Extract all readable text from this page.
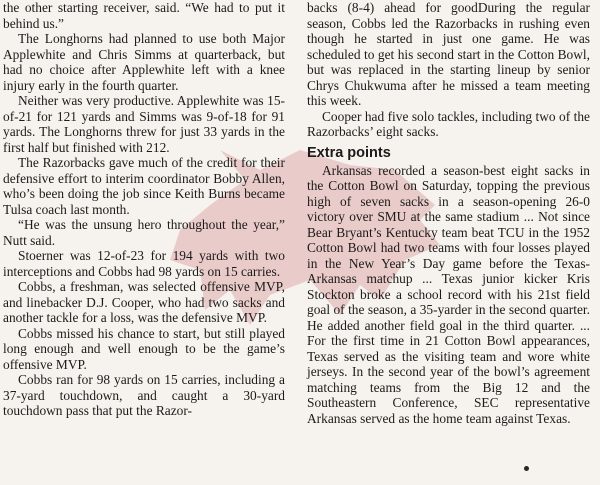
the other starting receiver, said. “We had to put it behind us.”

The Longhorns had planned to use both Major Applewhite and Chris Simms at quarterback, but had no choice after Applewhite left with a knee injury early in the fourth quarter.

Neither was very productive. Applewhite was 15-of-21 for 121 yards and Simms was 9-of-18 for 91 yards. The Longhorns threw for just 33 yards in the first half but finished with 212.

The Razorbacks gave much of the credit for their defensive effort to interim coordinator Bobby Allen, who’s been doing the job since Keith Burns became Tulsa coach last month.

“He was the unsung hero throughout the year,” Nutt said.

Stoerner was 12-of-23 for 194 yards with two interceptions and Cobbs had 98 yards on 15 carries.

Cobbs, a freshman, was selected offensive MVP, and linebacker D.J. Cooper, who had two sacks and another tackle for a loss, was the defensive MVP.

Cobbs missed his chance to start, but still played long enough and well enough to be the game’s offensive MVP.

Cobbs ran for 98 yards on 15 carries, including a 37-yard touchdown, and caught a 30-yard touchdown pass that put the Razor-

backs (8-4) ahead for goodDuring the regular season, Cobbs led the Razorbacks in rushing even though he started in just one game. He was scheduled to get his second start in the Cotton Bowl, but was replaced in the starting lineup by senior Chrys Chukwuma after he missed a team meeting this week.

Cooper had five solo tackles, including two of the Razorbacks’ eight sacks.

Extra points

Arkansas recorded a season-best eight sacks in the Cotton Bowl on Saturday, topping the previous high of seven sacks in a season-opening 26-0 victory over SMU at the same stadium ... Not since Bear Bryant’s Kentucky team beat TCU in the 1952 Cotton Bowl had two teams with four losses played in the New Year’s Day game before the Texas-Arkansas matchup ... Texas junior kicker Kris Stockton broke a school record with his 21st field goal of the season, a 35-yarder in the second quarter. He added another field goal in the third quarter. ... For the first time in 21 Cotton Bowl appearances, Texas served as the visiting team and wore white jerseys. In the second year of the bowl’s agreement matching teams from the Big 12 and the Southeastern Conference, SEC representative Arkansas served as the home team against Texas.
